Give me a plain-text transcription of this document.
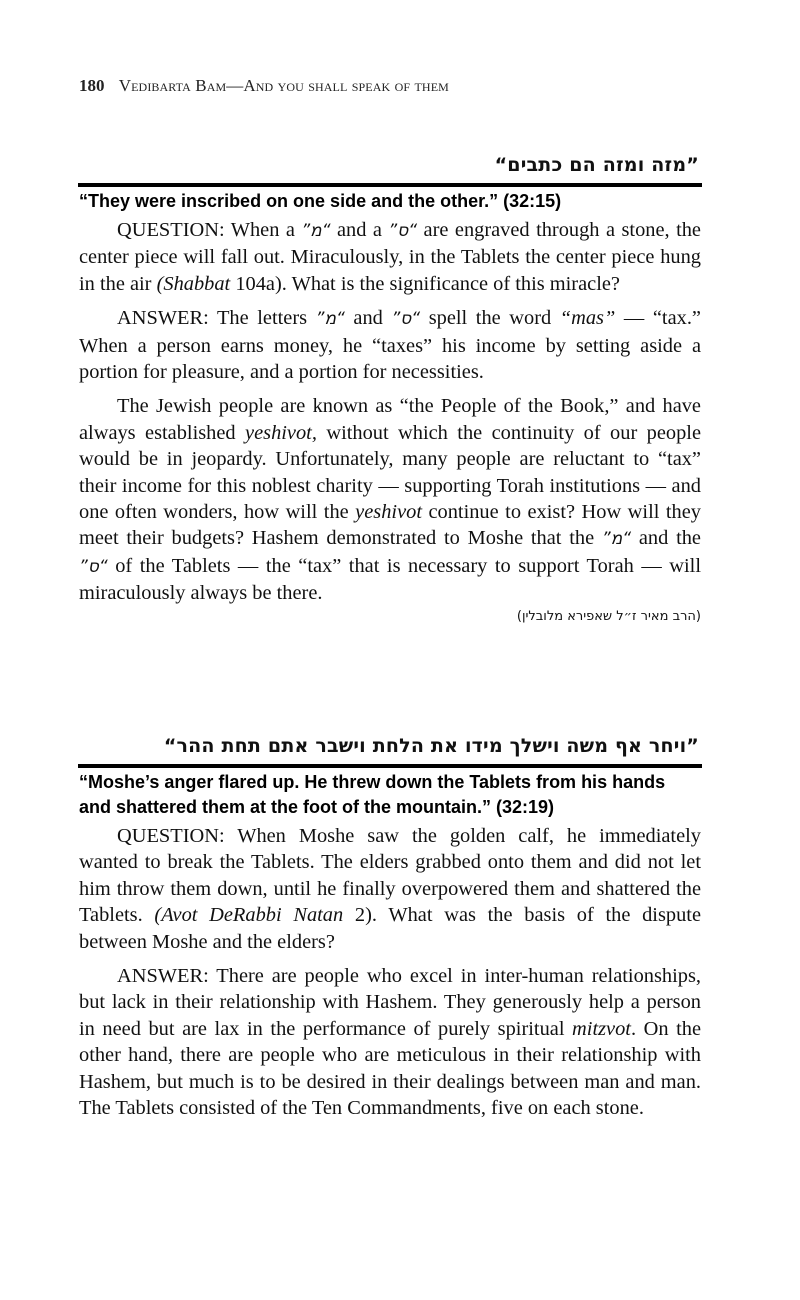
180 Vedibarta Bam—And you shall speak of them
”מזה ומזה הם כתבים“
“They were inscribed on one side and the other.” (32:15)

QUESTION: When a ”מ“ and a ”ס“ are engraved through a stone, the center piece will fall out. Miraculously, in the Tablets the center piece hung in the air (Shabbat 104a). What is the significance of this miracle?

ANSWER: The letters ”מ“ and ”ס“ spell the word “mas” — “tax.” When a person earns money, he “taxes” his income by setting aside a portion for pleasure, and a portion for necessities.

The Jewish people are known as “the People of the Book,” and have always established yeshivot, without which the continuity of our people would be in jeopardy. Unfortunately, many people are reluctant to “tax” their income for this noblest charity — supporting Torah institutions — and one often wonders, how will the yeshivot continue to exist? How will they meet their budgets? Hashem demonstrated to Moshe that the ”מ“ and the ”ס“ of the Tablets — the “tax” that is necessary to support Torah — will miraculously always be there.

(הרב מאיר ז״ל שאפירא מלובלין)
”ויחר אף משה וישלך מידו את הלחת וישבר אתם תחת ההר“
“Moshe’s anger flared up. He threw down the Tablets from his hands and shattered them at the foot of the mountain.” (32:19)

QUESTION: When Moshe saw the golden calf, he immediately wanted to break the Tablets. The elders grabbed onto them and did not let him throw them down, until he finally overpowered them and shattered the Tablets. (Avot DeRabbi Natan 2). What was the basis of the dispute between Moshe and the elders?

ANSWER: There are people who excel in inter-human relationships, but lack in their relationship with Hashem. They generously help a person in need but are lax in the performance of purely spiritual mitzvot. On the other hand, there are people who are meticulous in their relationship with Hashem, but much is to be desired in their dealings between man and man. The Tablets consisted of the Ten Commandments, five on each stone.
